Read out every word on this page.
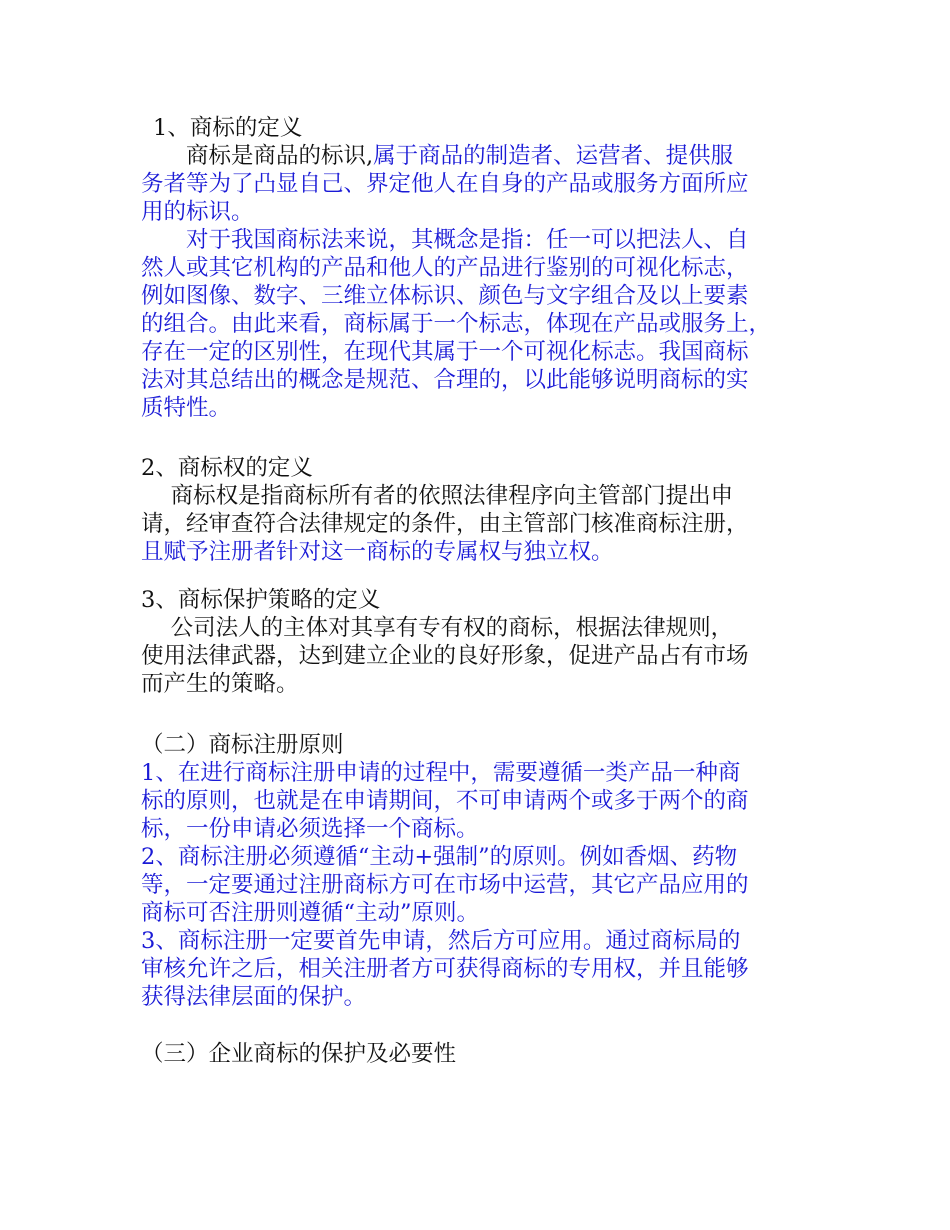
1、商标的定义
　　商标是商品的标识,属于商品的制造者、运营者、提供服
务者等为了凸显自己、界定他人在自身的产品或服务方面所应
用的标识。
　　对于我国商标法来说，其概念是指：任一可以把法人、自
然人或其它机构的产品和他人的产品进行鉴别的可视化标志，
例如图像、数字、三维立体标识、颜色与文字组合及以上要素
的组合。由此来看，商标属于一个标志，体现在产品或服务上，
存在一定的区别性，在现代其属于一个可视化标志。我国商标
法对其总结出的概念是规范、合理的，以此能够说明商标的实
质特性。
2、商标权的定义
　 商标权是指商标所有者的依照法律程序向主管部门提出申
请，经审查符合法律规定的条件，由主管部门核准商标注册，
且赋予注册者针对这一商标的专属权与独立权。
3、商标保护策略的定义
　 公司法人的主体对其享有专有权的商标，根据法律规则，
使用法律武器，达到建立企业的良好形象，促进产品占有市场
而产生的策略。
（二）商标注册原则
1、在进行商标注册申请的过程中，需要遵循一类产品一种商
标的原则，也就是在申请期间，不可申请两个或多于两个的商
标，一份申请必须选择一个商标。
2、商标注册必须遵循“主动+强制”的原则。例如香烟、药物
等，一定要通过注册商标方可在市场中运营，其它产品应用的
商标可否注册则遵循“主动”原则。
3、商标注册一定要首先申请，然后方可应用。通过商标局的
审核允许之后，相关注册者方可获得商标的专用权，并且能够
获得法律层面的保护。
（三）企业商标的保护及必要性
